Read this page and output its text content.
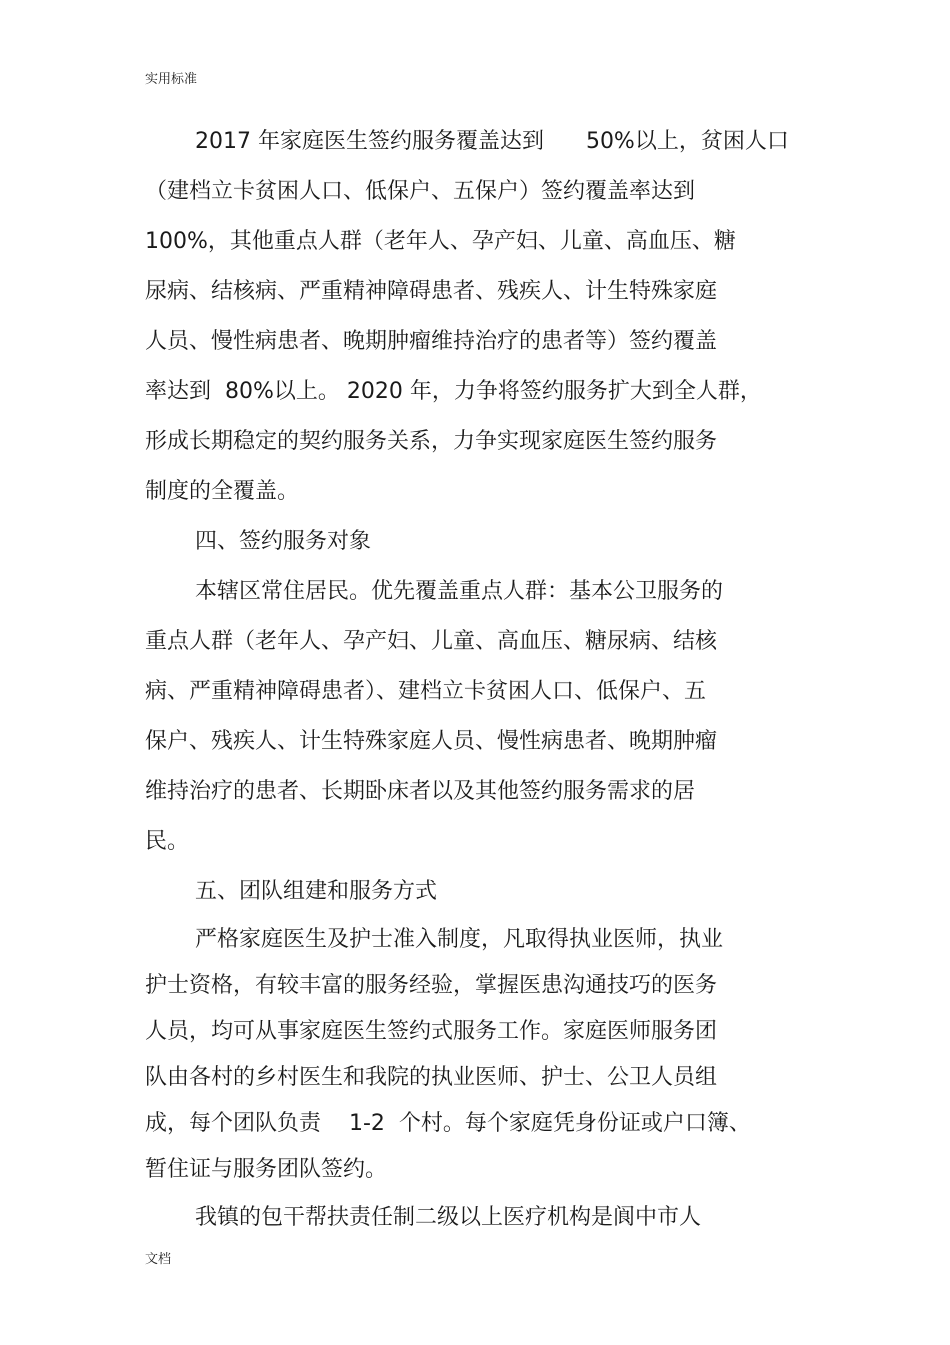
实用标准
2017 年家庭医生签约服务覆盖达到      50%以上，贫困人口
（建档立卡贫困人口、低保户、五保户）签约覆盖率达到
100%，其他重点人群（老年人、孕产妇、儿童、高血压、糖
尿病、结核病、严重精神障碍患者、残疾人、计生特殊家庭
人员、慢性病患者、晚期肿瘤维持治疗的患者等）签约覆盖
率达到  80%以上。 2020 年，力争将签约服务扩大到全人群，
形成长期稳定的契约服务关系，力争实现家庭医生签约服务
制度的全覆盖。
四、签约服务对象
本辖区常住居民。优先覆盖重点人群：基本公卫服务的
重点人群（老年人、孕产妇、儿童、高血压、糖尿病、结核
病、严重精神障碍患者）、建档立卡贫困人口、低保户、五
保户、残疾人、计生特殊家庭人员、慢性病患者、晚期肿瘤
维持治疗的患者、长期卧床者以及其他签约服务需求的居
民。
五、团队组建和服务方式
严格家庭医生及护士准入制度，凡取得执业医师，执业
护士资格，有较丰富的服务经验，掌握医患沟通技巧的医务
人员，均可从事家庭医生签约式服务工作。家庭医师服务团
队由各村的乡村医生和我院的执业医师、护士、公卫人员组
成，每个团队负责    1-2  个村。每个家庭凭身份证或户口簿、
暂住证与服务团队签约。
我镇的包干帮扶责任制二级以上医疗机构是阆中市人
文档
